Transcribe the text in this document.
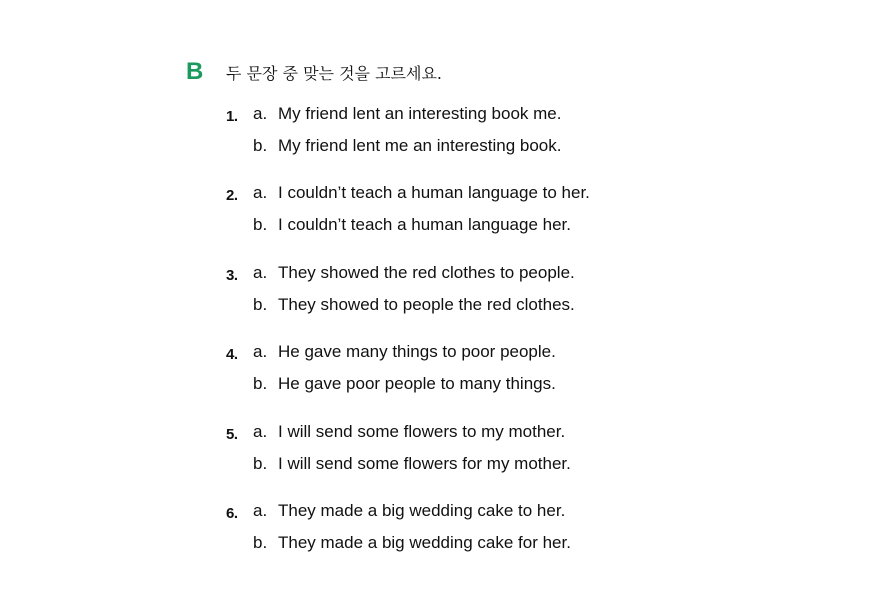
B	두 문장 중 맞는 것을 고르세요.
1. a. My friend lent an interesting book me.
b. My friend lent me an interesting book.
2. a. I couldn’t teach a human language to her.
b. I couldn’t teach a human language her.
3. a. They showed the red clothes to people.
b. They showed to people the red clothes.
4. a. He gave many things to poor people.
b. He gave poor people to many things.
5. a. I will send some flowers to my mother.
b. I will send some flowers for my mother.
6. a. They made a big wedding cake to her.
b. They made a big wedding cake for her.
